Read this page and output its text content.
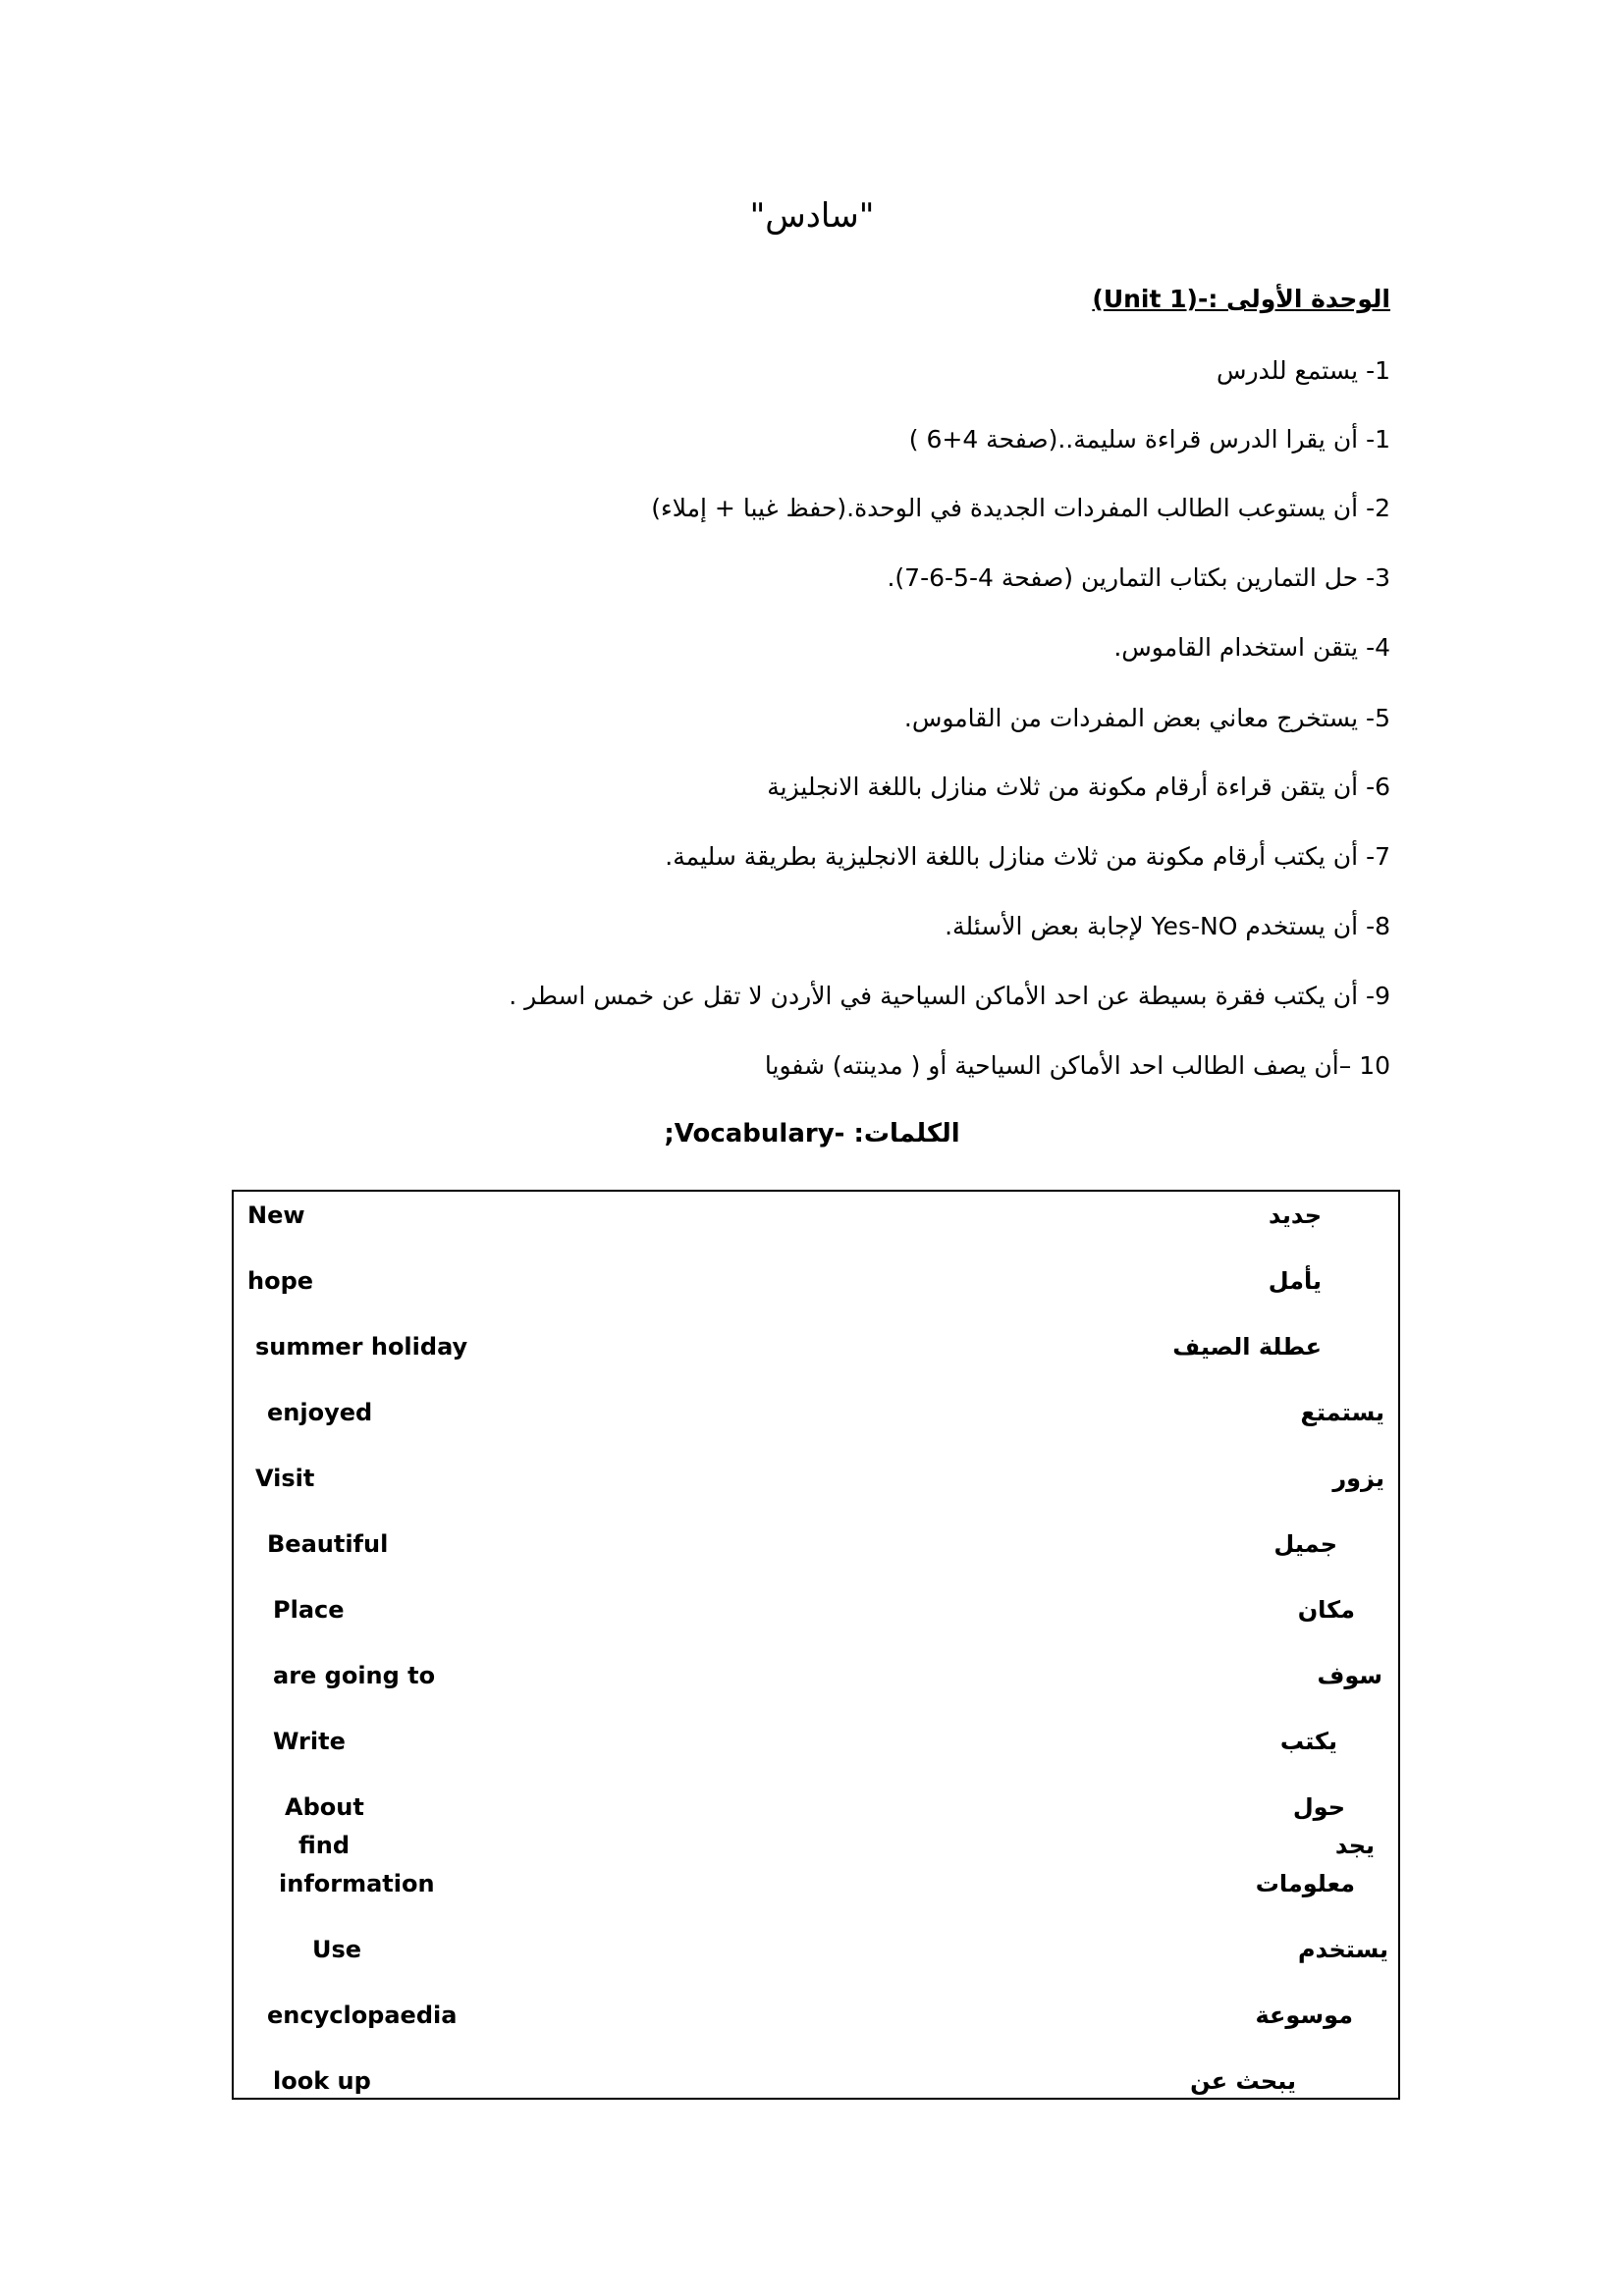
"سادس"
الوحدة الأولى :-(Unit 1)
1- يستمع للدرس
1- أن يقرا الدرس قراءة سليمة..(صفحة 4+6 )
2- أن يستوعب الطالب المفردات الجديدة في الوحدة.(حفظ غيبا + إملاء)
3- حل التمارين بكتاب التمارين (صفحة 4-5-6-7).
4- يتقن استخدام القاموس.
5- يستخرج معاني بعض المفردات من القاموس.
6- أن يتقن قراءة أرقام مكونة من ثلاث منازل باللغة الانجليزية
7- أن يكتب أرقام مكونة من ثلاث منازل باللغة الانجليزية بطريقة سليمة.
8- أن يستخدم Yes-NO لإجابة بعض الأسئلة.
9- أن يكتب فقرة بسيطة عن احد الأماكن السياحية في الأردن لا تقل عن خمس اسطر .
10 –أن يصف الطالب احد الأماكن السياحية أو ( مدينته) شفويا
الكلمات: -Vocabulary;
New
hope
summer holiday
enjoyed
Visit
Beautiful
Place
are going to
Write
About
find
information
Use
encyclopaedia
look up
جديد
يأمل
عطلة الصيف
يستمتع
يزور
جميل
مكان
سوف
يكتب
حول
يجد
معلومات
يستخدم
موسوعة
يبحث عن
